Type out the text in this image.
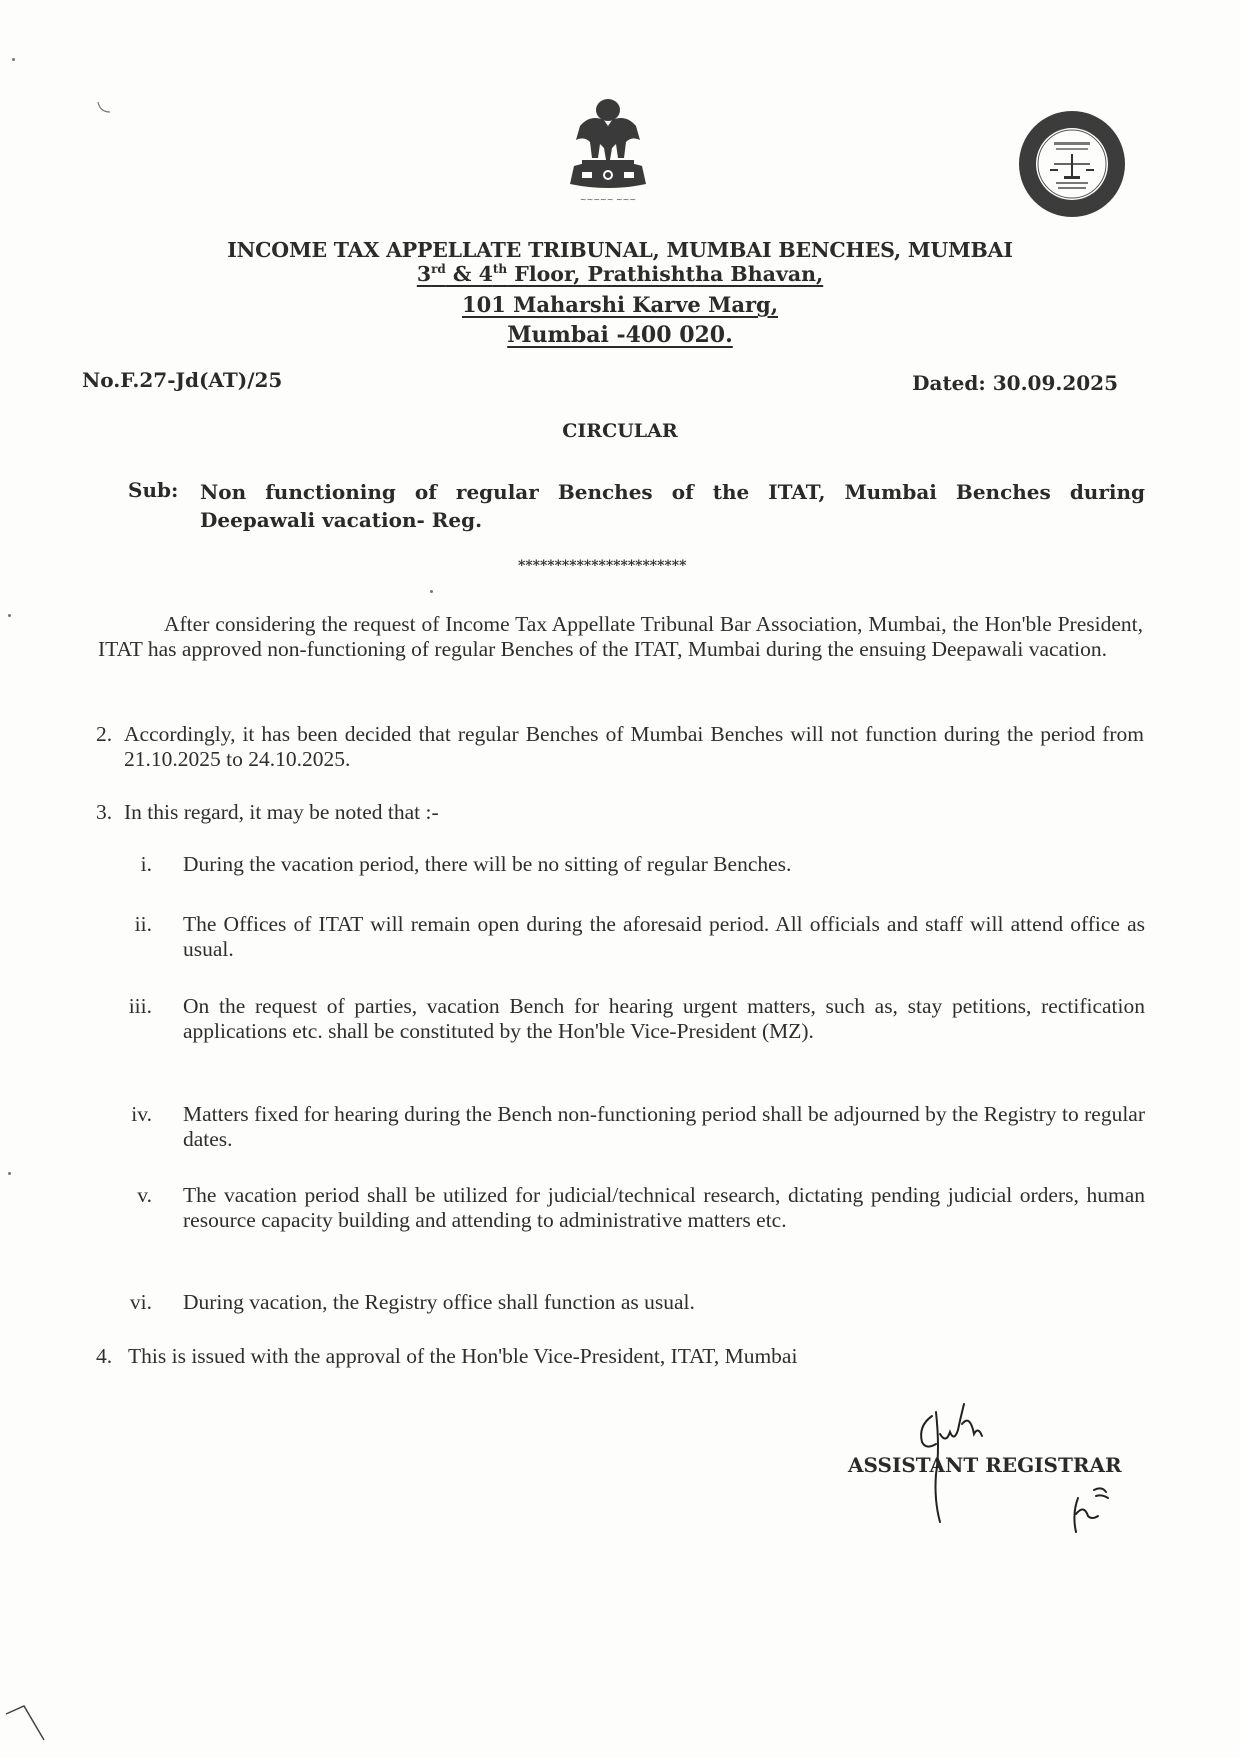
~~~~~ ~~~
INCOME TAX APPELLATE TRIBUNAL, MUMBAI BENCHES, MUMBAI
3rd & 4th Floor, Prathishtha Bhavan,
101 Maharshi Karve Marg,
Mumbai -400 020.
No.F.27-Jd(AT)/25	Dated: 30.09.2025
CIRCULAR
Sub: Non functioning of regular Benches of the ITAT, Mumbai Benches during Deepawali vacation- Reg.
***********************
After considering the request of Income Tax Appellate Tribunal Bar Association, Mumbai, the Hon'ble President, ITAT has approved non-functioning of regular Benches of the ITAT, Mumbai during the ensuing Deepawali vacation.
2. Accordingly, it has been decided that regular Benches of Mumbai Benches will not function during the period from 21.10.2025 to 24.10.2025.
3. In this regard, it may be noted that :-
i. During the vacation period, there will be no sitting of regular Benches.
ii. The Offices of ITAT will remain open during the aforesaid period. All officials and staff will attend office as usual.
iii. On the request of parties, vacation Bench for hearing urgent matters, such as, stay petitions, rectification applications etc. shall be constituted by the Hon'ble Vice-President (MZ).
iv. Matters fixed for hearing during the Bench non-functioning period shall be adjourned by the Registry to regular dates.
v. The vacation period shall be utilized for judicial/technical research, dictating pending judicial orders, human resource capacity building and attending to administrative matters etc.
vi. During vacation, the Registry office shall function as usual.
4. This is issued with the approval of the Hon'ble Vice-President, ITAT, Mumbai
ASSISTANT REGISTRAR
